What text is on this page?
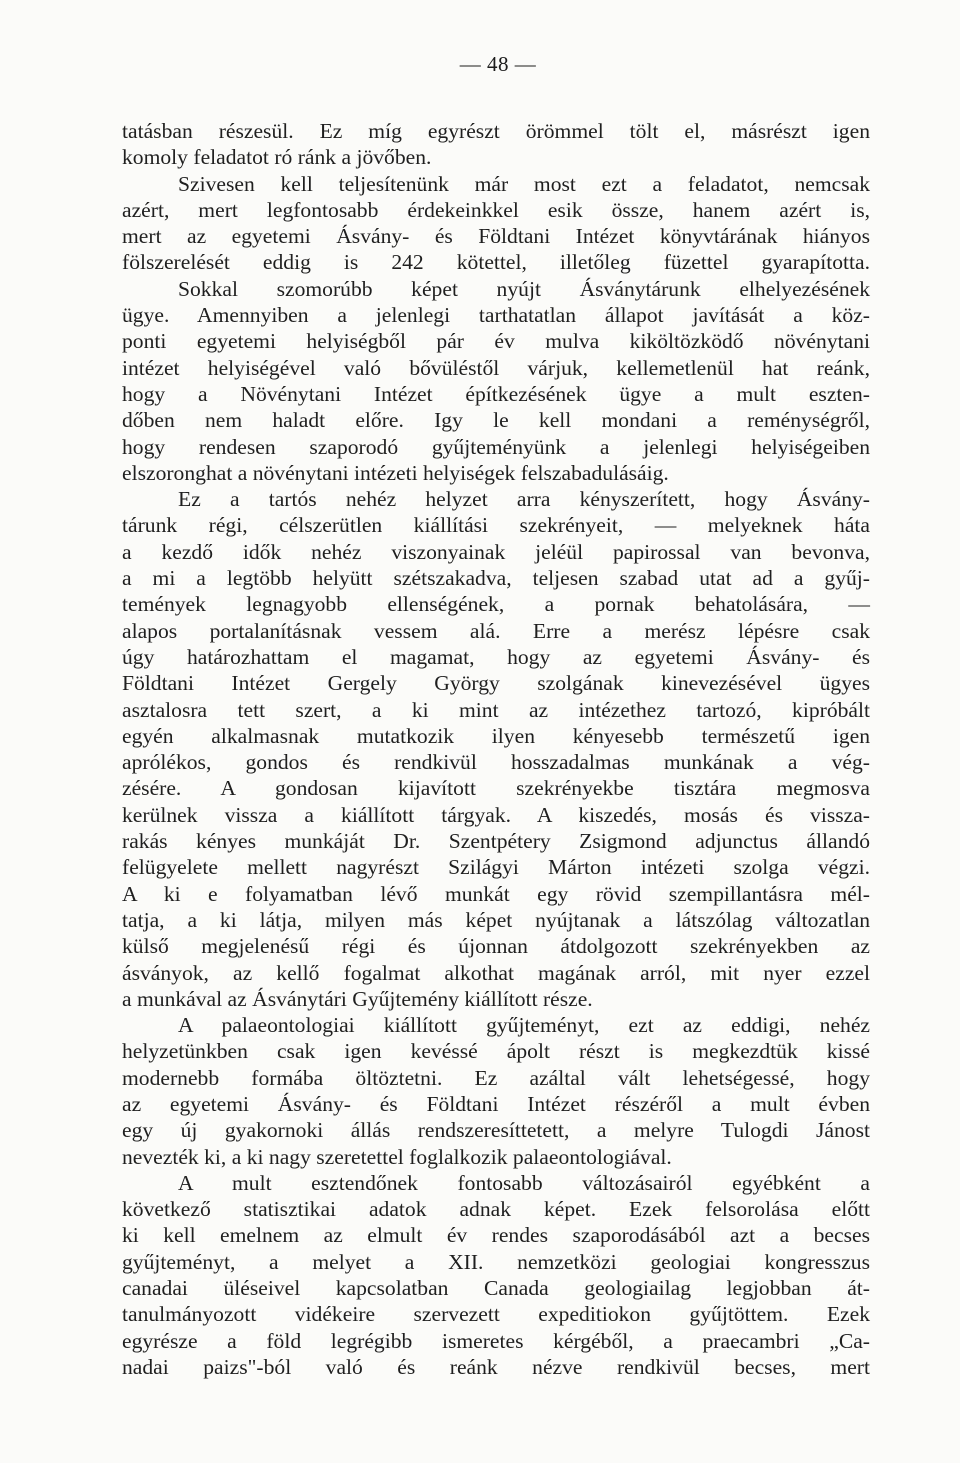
— 48 —
tatásban részesül. Ez míg egyrészt örömmel tölt el, másrészt igen
komoly feladatot ró ránk a jövőben.
Szivesen kell teljesítenünk már most ezt a feladatot, nemcsak
azért, mert legfontosabb érdekeinkkel esik össze, hanem azért is,
mert az egyetemi Ásvány- és Földtani Intézet könyvtárának hiányos
fölszerelését eddig is 242 kötettel, illetőleg füzettel gyarapította.
Sokkal szomorúbb képet nyújt Ásványtárunk elhelyezésének
ügye. Amennyiben a jelenlegi tarthatatlan állapot javítását a köz-
ponti egyetemi helyiségből pár év mulva kiköltözködő növénytani
intézet helyiségével való bővüléstől várjuk, kellemetlenül hat reánk,
hogy a Növénytani Intézet építkezésének ügye a mult eszten-
dőben nem haladt előre. Igy le kell mondani a reménységről,
hogy rendesen szaporodó gyűjteményünk a jelenlegi helyiségeiben
elszoronghat a növénytani intézeti helyiségek felszabadulásáig.
Ez a tartós nehéz helyzet arra kényszerített, hogy Ásvány-
tárunk régi, célszerütlen kiállítási szekrényeit, — melyeknek háta
a kezdő idők nehéz viszonyainak jeléül papirossal van bevonva,
a mi a legtöbb helyütt szétszakadva, teljesen szabad utat ad a gyűj-
temények legnagyobb ellenségének, a pornak behatolására, —
alapos portalanításnak vessem alá. Erre a merész lépésre csak
úgy határozhattam el magamat, hogy az egyetemi Ásvány- és
Földtani Intézet Gergely György szolgának kinevezésével ügyes
asztalosra tett szert, a ki mint az intézethez tartozó, kipróbált
egyén alkalmasnak mutatkozik ilyen kényesebb természetű igen
aprólékos, gondos és rendkivül hosszadalmas munkának a vég-
zésére. A gondosan kijavított szekrényekbe tisztára megmosva
kerülnek vissza a kiállított tárgyak. A kiszedés, mosás és vissza-
rakás kényes munkáját Dr. Szentpétery Zsigmond adjunctus állandó
felügyelete mellett nagyrészt Szilágyi Márton intézeti szolga végzi.
A ki e folyamatban lévő munkát egy rövid szempillantásra mél-
tatja, a ki látja, milyen más képet nyújtanak a látszólag változatlan
külső megjelenésű régi és újonnan átdolgozott szekrényekben az
ásványok, az kellő fogalmat alkothat magának arról, mit nyer ezzel
a munkával az Ásványtári Gyűjtemény kiállított része.
A palaeontologiai kiállított gyűjteményt, ezt az eddigi, nehéz
helyzetünkben csak igen kevéssé ápolt részt is megkezdtük kissé
modernebb formába öltöztetni. Ez azáltal vált lehetségessé, hogy
az egyetemi Ásvány- és Földtani Intézet részéről a mult évben
egy új gyakornoki állás rendszeresíttetett, a melyre Tulogdi Jánost
nevezték ki, a ki nagy szeretettel foglalkozik palaeontologiával.
A mult esztendőnek fontosabb változásairól egyébként a
következő statisztikai adatok adnak képet. Ezek felsorolása előtt
ki kell emelnem az elmult év rendes szaporodásából azt a becses
gyűjteményt, a melyet a XII. nemzetközi geologiai kongresszus
canadai üléseivel kapcsolatban Canada geologiailag legjobban át-
tanulmányozott vidékeire szervezett expeditiokon gyűjtöttem. Ezek
egyrésze a föld legrégibb ismeretes kérgéből, a praecambri „Ca-
nadai paizs"-ból való és reánk nézve rendkivül becses, mert
